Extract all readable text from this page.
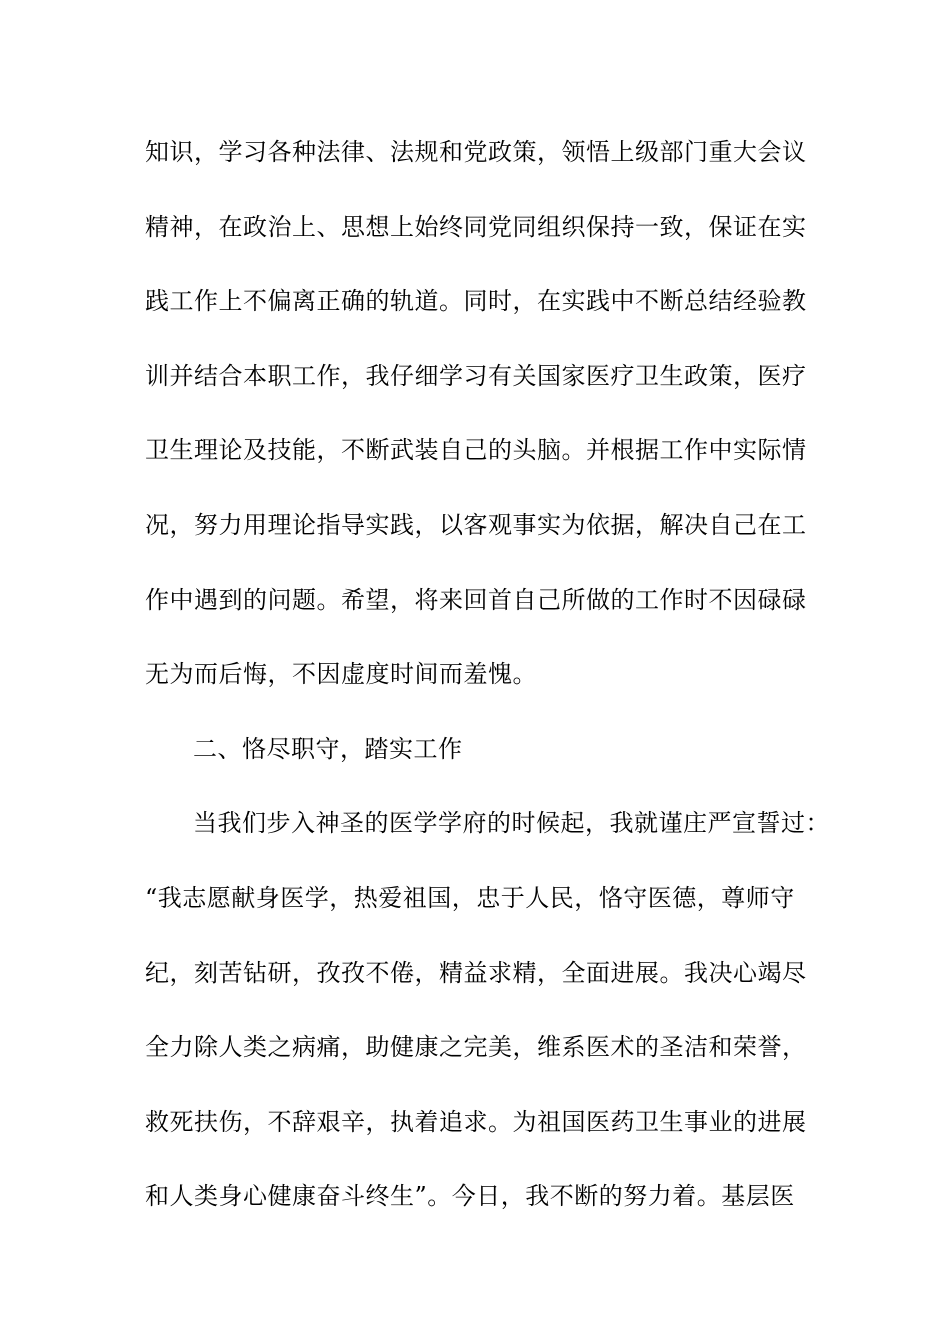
知识，学习各种法律、法规和党政策，领悟上级部门重大会议
精神，在政治上、思想上始终同党同组织保持一致，保证在实
践工作上不偏离正确的轨道。同时，在实践中不断总结经验教
训并结合本职工作，我仔细学习有关国家医疗卫生政策，医疗
卫生理论及技能，不断武装自己的头脑。并根据工作中实际情
况，努力用理论指导实践，以客观事实为依据，解决自己在工
作中遇到的问题。希望，将来回首自己所做的工作时不因碌碌
无为而后悔，不因虚度时间而羞愧。
二、恪尽职守，踏实工作
当我们步入神圣的医学学府的时候起，我就谨庄严宣誓过：
“我志愿献身医学，热爱祖国，忠于人民，恪守医德，尊师守
纪，刻苦钻研，孜孜不倦，精益求精，全面进展。我决心竭尽
全力除人类之病痛，助健康之完美，维系医术的圣洁和荣誉，
救死扶伤，不辞艰辛，执着追求。为祖国医药卫生事业的进展
和人类身心健康奋斗终生”。今日，我不断的努力着。基层医
